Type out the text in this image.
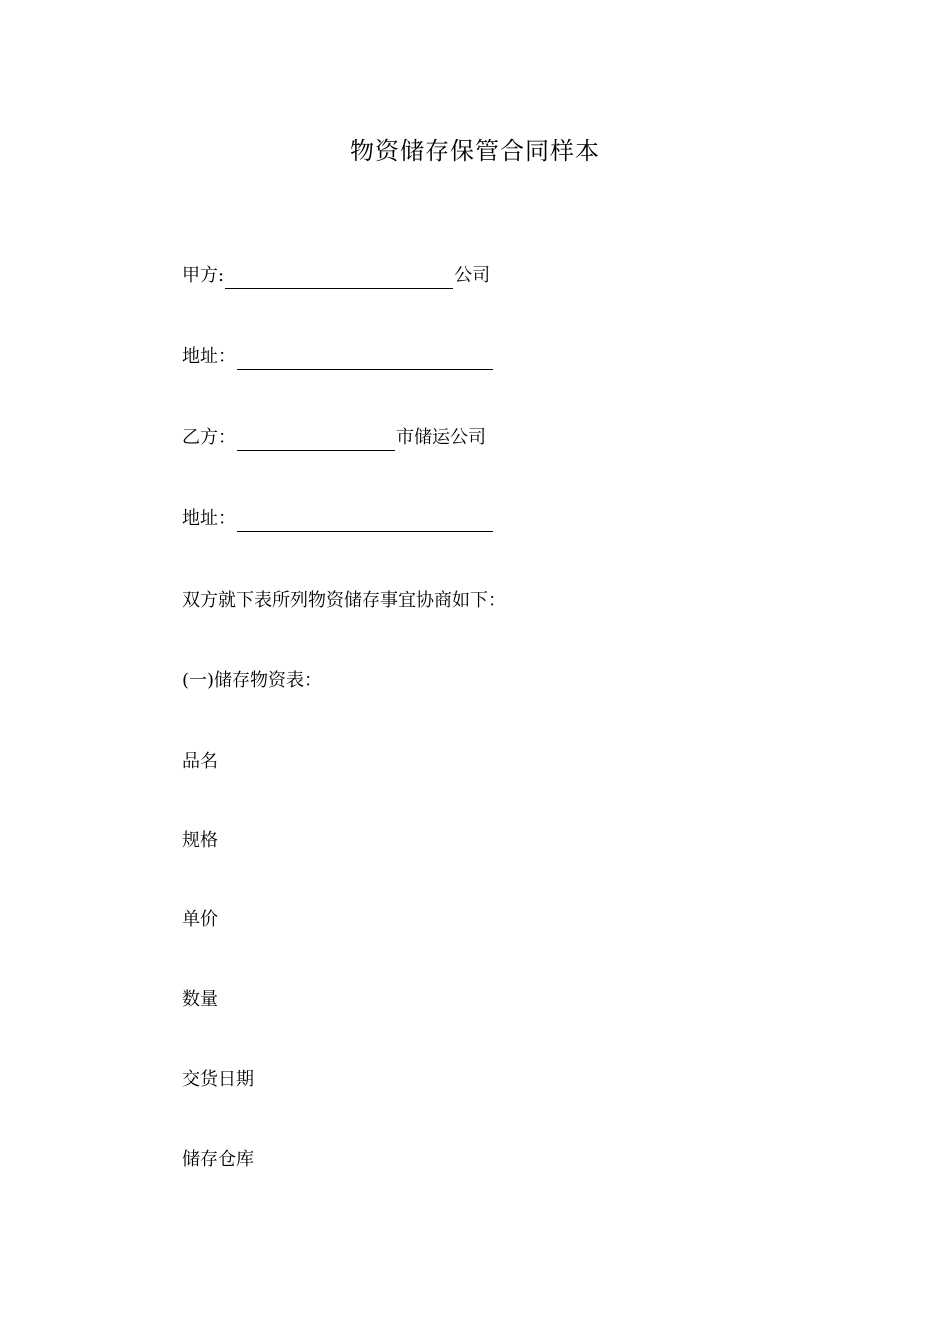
物资储存保管合同样本
甲方:	公司
地址：
乙方：	市储运公司
地址：
双方就下表所列物资储存事宜协商如下：
(一)储存物资表：
品名
规格
单价
数量
交货日期
储存仓库
